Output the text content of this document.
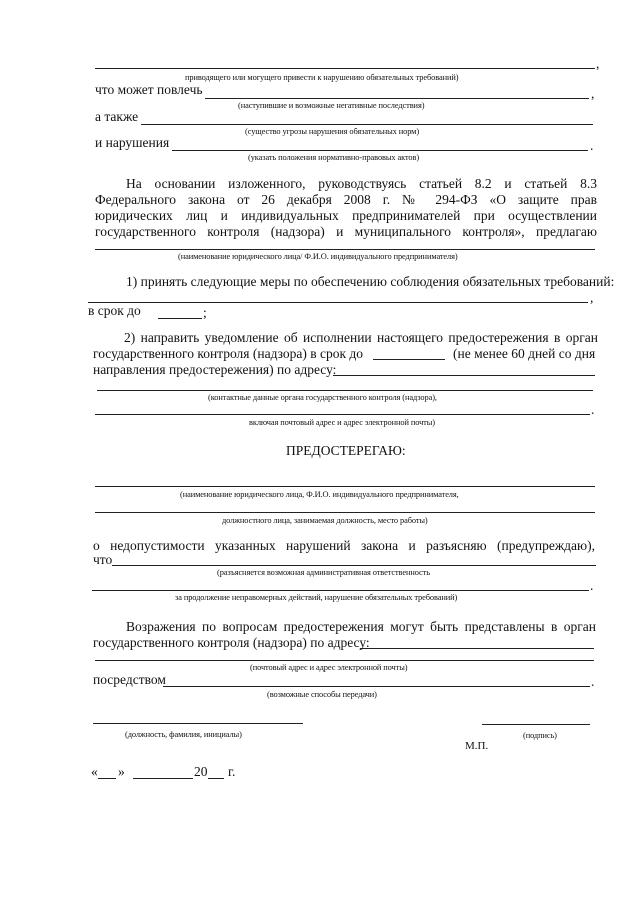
,
приводящего или могущего привести к нарушению обязательных требований)
что может повлечь	,
(наступившие и возможные негативные последствия)
а также
(существо угрозы нарушения обязательных норм)
и нарушения	.
(указать положения нормативно-правовых актов)
На основании изложенного, руководствуясь статьей 8.2 и статьей 8.3
Федерального закона от 26 декабря 2008 г. № 294-ФЗ «О защите прав
юридических лиц и индивидуальных предпринимателей при осуществлении
государственного контроля (надзора) и муниципального контроля», предлагаю
(наименование юридического лица/ Ф.И.О. индивидуального предпринимателя)
1) принять следующие меры по обеспечению соблюдения обязательных требований:
,
в срок до	;
2) направить уведомление об исполнении настоящего предостережения в орган
государственного контроля (надзора) в срок до	(не менее 60 дней со дня
направления предостережения) по адресу:
(контактные данные органа государственного контроля (надзора),
.
включая почтовый адрес и адрес электронной почты)
ПРЕДОСТЕРЕГАЮ:
(наименование юридического лица, Ф.И.О. индивидуального предпринимателя,
должностного лица, занимаемая должность, место работы)
о недопустимости указанных нарушений закона и разъясняю (предупреждаю),
что
(разъясняется возможная административная ответственность
.
за продолжение неправомерных действий, нарушение обязательных требований)
Возражения по вопросам предостережения могут быть представлены в орган
государственного контроля (надзора) по адресу:
(почтовый адрес и адрес электронной почты)
посредством	.
(возможные способы передачи)
(должность, фамилия, инициалы)	(подпись)
М.П.
« »	20 г.
